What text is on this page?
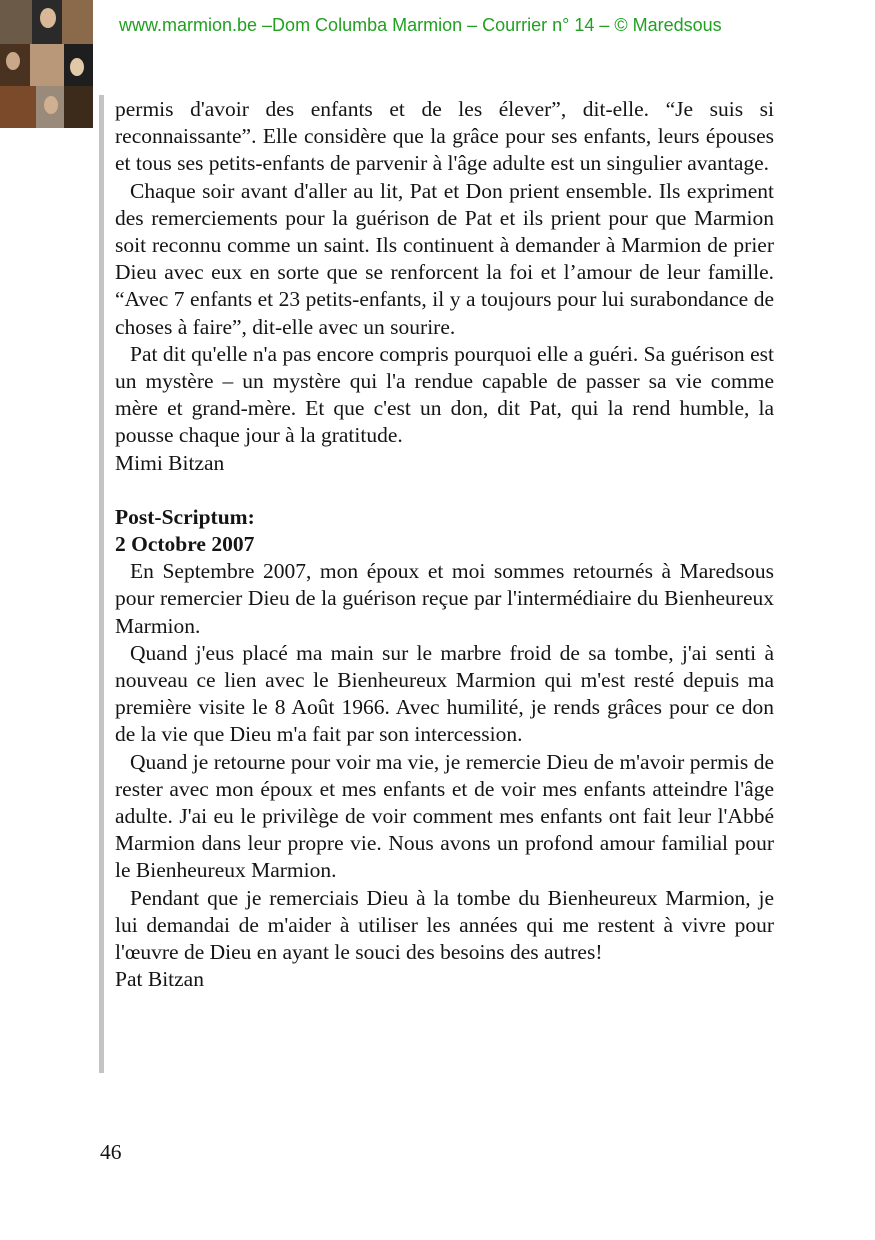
www.marmion.be –Dom Columba Marmion – Courrier n° 14 – © Maredsous

permis d'avoir des enfants et de les élever”, dit-elle. “Je suis si reconnaissante”. Elle considère que la grâce pour ses enfants, leurs épouses et tous ses petits-enfants de parvenir à l'âge adulte est un singulier avantage.

Chaque soir avant d'aller au lit, Pat et Don prient ensemble. Ils expriment des remerciements pour la guérison de Pat et ils prient pour que Marmion soit reconnu comme un saint. Ils continuent à demander à Marmion de prier Dieu avec eux en sorte que se renforcent la foi et l’amour de leur famille. “Avec 7 enfants et 23 petits-enfants, il y a toujours pour lui surabondance de choses à faire”, dit-elle avec un sourire.

Pat dit qu'elle n'a pas encore compris pourquoi elle a guéri. Sa guérison est un mystère – un mystère qui l'a rendue capable de passer sa vie comme mère et grand-mère. Et que c'est un don, dit Pat, qui la rend humble, la pousse chaque jour à la gratitude.

Mimi Bitzan

Post-Scriptum:

2 Octobre 2007

En Septembre 2007, mon époux et moi sommes retournés à Maredsous pour remercier Dieu de la guérison reçue par l'intermédiaire du Bienheureux Marmion.

Quand j'eus placé ma main sur le marbre froid de sa tombe, j'ai senti à nouveau ce lien avec le Bienheureux Marmion qui m'est resté depuis ma première visite le 8 Août 1966. Avec humilité, je rends grâces pour ce don de la vie que Dieu m'a fait par son intercession.

Quand je retourne pour voir ma vie, je remercie Dieu de m'avoir permis de rester avec mon époux et mes enfants et de voir mes enfants atteindre l'âge adulte. J'ai eu le privilège de voir comment mes enfants ont fait leur l'Abbé Marmion dans leur propre vie. Nous avons un profond amour familial pour le Bienheureux Marmion.

Pendant que je remerciais Dieu à la tombe du Bienheureux Marmion, je lui demandai de m'aider à utiliser les années qui me restent à vivre pour l'œuvre de Dieu en ayant le souci des besoins des autres!

Pat Bitzan

46
